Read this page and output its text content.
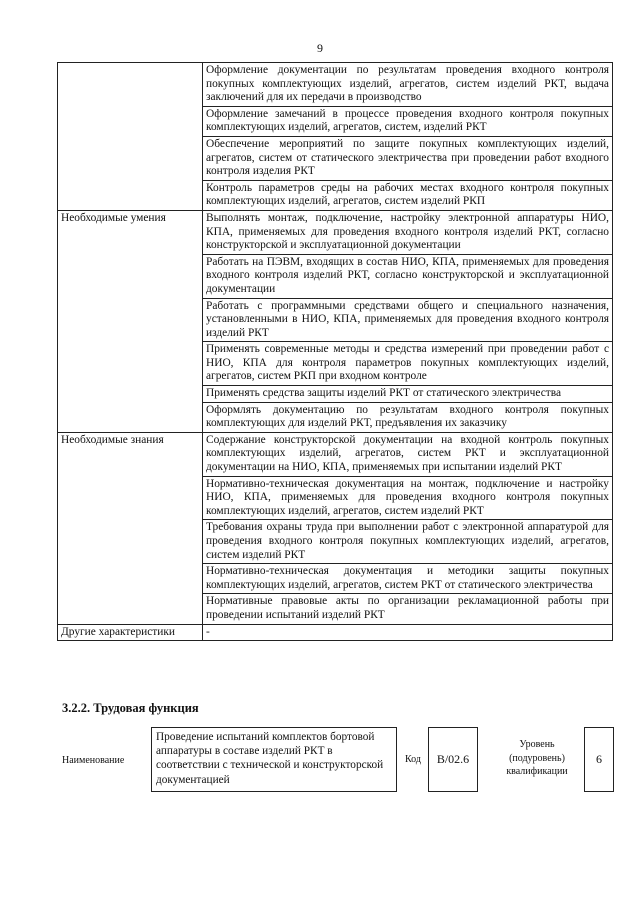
9
	Оформление документации по результатам проведения входного контроля покупных комплектующих изделий, агрегатов, систем изделий РКТ, выдача заключений для их передачи в производство
	Оформление замечаний в процессе проведения входного контроля покупных комплектующих изделий, агрегатов, систем, изделий РКТ
	Обеспечение мероприятий по защите покупных комплектующих изделий, агрегатов, систем от статического электричества при проведении работ входного контроля изделия РКТ
	Контроль параметров среды на рабочих местах входного контроля покупных комплектующих изделий, агрегатов, систем изделий РКП
Необходимые умения	Выполнять монтаж, подключение, настройку электронной аппаратуры НИО, КПА, применяемых для проведения входного контроля изделий РКТ, согласно конструкторской и эксплуатационной документации
	Работать на ПЭВМ, входящих в состав НИО, КПА, применяемых для проведения входного контроля изделий РКТ, согласно конструкторской и эксплуатационной документации
	Работать с программными средствами общего и специального назначения, установленными в НИО, КПА, применяемых для проведения входного контроля изделий РКТ
	Применять современные методы и средства измерений при проведении работ с НИО, КПА для контроля параметров покупных комплектующих изделий, агрегатов, систем РКП при входном контроле
	Применять средства защиты изделий РКТ от статического электричества
	Оформлять документацию по результатам входного контроля покупных комплектующих для изделий РКТ, предъявления их заказчику
Необходимые знания	Содержание конструкторской документации на входной контроль покупных комплектующих изделий, агрегатов, систем РКТ и эксплуатационной документации на НИО, КПА, применяемых при испытании изделий РКТ
	Нормативно-техническая документация на монтаж, подключение и настройку НИО, КПА, применяемых для проведения входного контроля покупных комплектующих изделий, агрегатов, систем изделий РКТ
	Требования охраны труда при выполнении работ с электронной аппаратурой для проведения входного контроля покупных комплектующих изделий, агрегатов, систем изделий РКТ
	Нормативно-техническая документация и методики защиты покупных комплектующих изделий, агрегатов, систем РКТ от статического электричества
	Нормативные правовые акты по организации рекламационной работы при проведении испытаний изделий РКТ
Другие характеристики	-
3.2.2. Трудовая функция
Наименование
Проведение испытаний комплектов бортовой аппаратуры в составе изделий РКТ в соответствии с технической и конструкторской документацией
Код	B/02.6
Уровень (подуровень) квалификации
6
